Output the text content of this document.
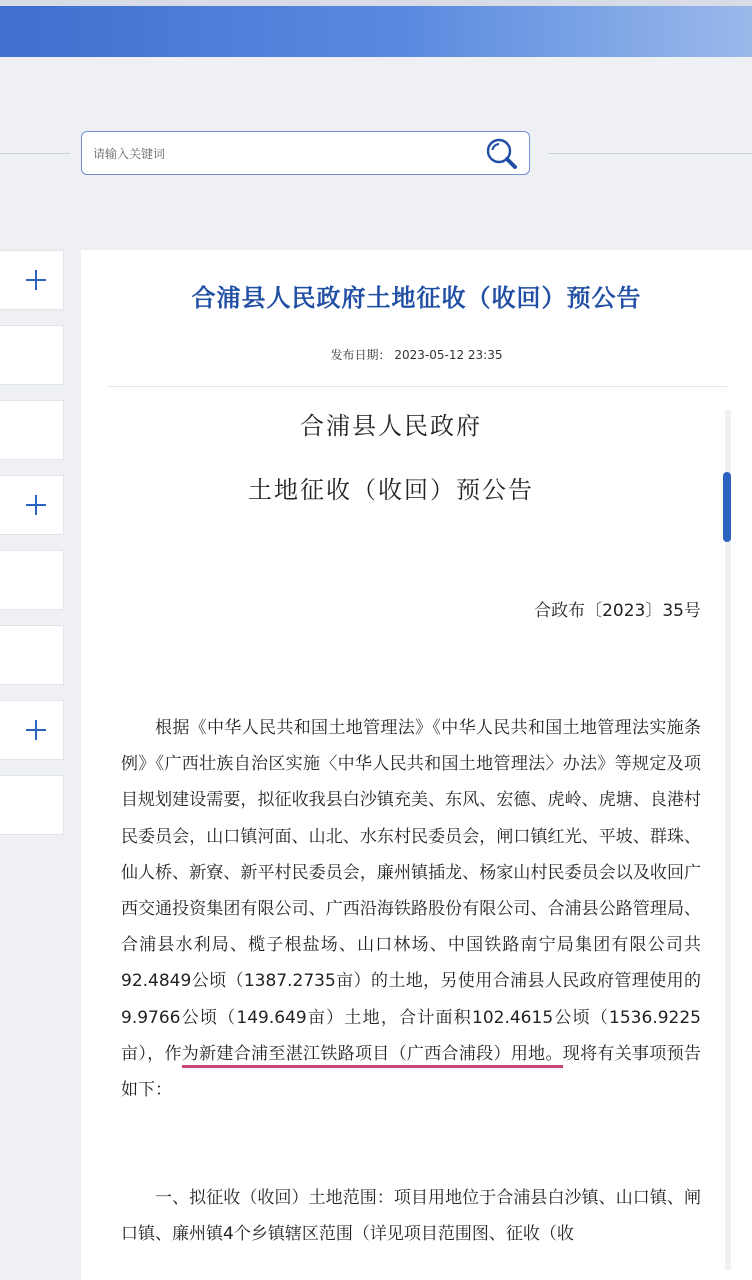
请输入关键词
合浦县人民政府土地征收（收回）预公告
发布日期： 2023-05-12 23:35
合浦县人民政府
土地征收（收回）预公告
合政布〔2023〕35号
根据《中华人民共和国土地管理法》《中华人民共和国土地管理法实施条例》《广西壮族自治区实施〈中华人民共和国土地管理法〉办法》等规定及项目规划建设需要，拟征收我县白沙镇充美、东风、宏德、虎岭、虎塘、良港村民委员会，山口镇河面、山北、水东村民委员会，闸口镇红光、平坡、群珠、仙人桥、新寮、新平村民委员会，廉州镇插龙、杨家山村民委员会以及收回广西交通投资集团有限公司、广西沿海铁路股份有限公司、合浦县公路管理局、合浦县水利局、榄子根盐场、山口林场、中国铁路南宁局集团有限公司共92.4849公顷（1387.2735亩）的土地，另使用合浦县人民政府管理使用的9.9766公顷（149.649亩）土地，合计面积102.4615公顷（1536.9225亩），作为新建合浦至湛江铁路项目（广西合浦段）用地。现将有关事项预告如下：
一、拟征收（收回）土地范围：项目用地位于合浦县白沙镇、山口镇、闸口镇、廉州镇4个乡镇辖区范围（详见项目范围图、征收（收
